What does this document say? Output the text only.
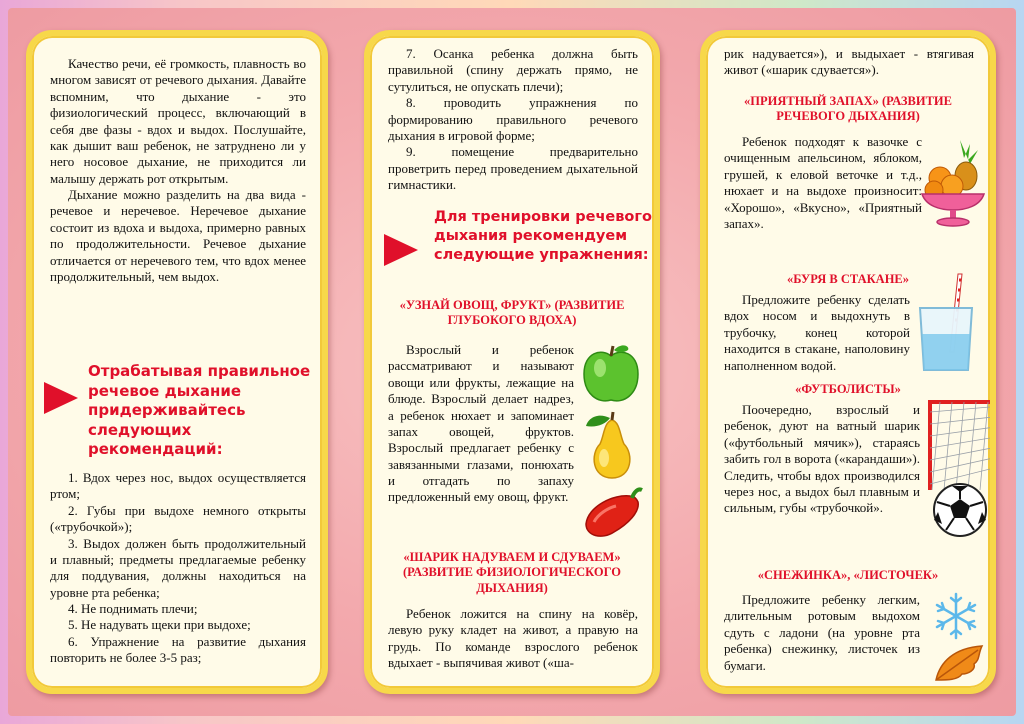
Качество речи, её громкость, плавность во многом зависят от речевого дыхания. Давайте вспомним, что дыхание - это физиологический процесс, включающий в себя две фазы - вдох и выдох. Послушайте, как дышит ваш ребенок, не затруднено ли у него носовое дыхание, не приходится ли малышу держать рот открытым.

Дыхание можно разделить на два вида - речевое и неречевое. Неречевое дыхание состоит из вдоха и выдоха, примерно равных по продолжительности. Речевое дыхание отличается от неречевого тем, что вдох менее продолжительный, чем выдох.

Отрабатывая правильное речевое дыхание придерживайтесь следующих рекомендаций:

1. Вдох через нос, выдох осуществляется ртом;

2. Губы при выдохе немного открыты («трубочкой»);

3. Выдох должен быть продолжительный и плавный; предметы предлагаемые ребенку для поддувания, должны находиться на уровне рта ребенка;

4. Не поднимать плечи;

5. Не надувать щеки при выдохе;

6. Упражнение на развитие дыхания повторить не более 3-5 раз;

7. Осанка ребенка должна быть правильной (спину держать прямо, не сутулиться, не опускать плечи);

8. проводить упражнения по формированию правильного речевого дыхания в игровой форме;

9. помещение предварительно проветрить перед проведением дыхательной гимнастики.

Для тренировки речевого дыхания рекомендуем следующие упражнения:
«УЗНАЙ ОВОЩ, ФРУКТ» (РАЗВИТИЕ ГЛУБОКОГО ВДОХА)

Взрослый и ребенок рассматривают и называют овощи или фрукты, лежащие на блюде. Взрослый делает надрез, а ребенок нюхает и запоминает запах овощей, фруктов. Взрослый предлагает ребенку с завязанными глазами, понюхать и отгадать по запаху предложенный ему овощ, фрукт.

«ШАРИК НАДУВАЕМ И СДУВАЕМ» (РАЗВИТИЕ ФИЗИОЛОГИЧЕСКОГО ДЫХАНИЯ)

Ребенок ложится на спину на ковёр, левую руку кладет на живот, а правую на грудь. По команде взрослого ребенок вдыхает - выпячивая живот («ша-

рик надувается»), и выдыхает - втягивая живот («шарик сдувается»).

«ПРИЯТНЫЙ ЗАПАХ» (РАЗВИТИЕ РЕЧЕВОГО ДЫХАНИЯ)

Ребенок подходят к вазочке с очищенным апельсином, яблоком, грушей, к еловой веточке и т.д., нюхает и на выдохе произносит: «Хорошо», «Вкусно», «Приятный запах».

«БУРЯ В СТАКАНЕ»

Предложите ребенку сделать вдох носом и выдохнуть в трубочку, конец которой находится в стакане, наполовину наполненном водой.

«ФУТБОЛИСТЫ»

Поочередно, взрослый и ребенок, дуют на ватный шарик («футбольный мячик»), стараясь забить гол в ворота («карандаши»). Следить, чтобы вдох производился через нос, а выдох был плавным и сильным, губы «трубочкой».

«СНЕЖИНКА», «ЛИСТОЧЕК»

Предложите ребенку легким, длительным ротовым выдохом сдуть с ладони (на уровне рта ребенка) снежинку, листочек из бумаги.
